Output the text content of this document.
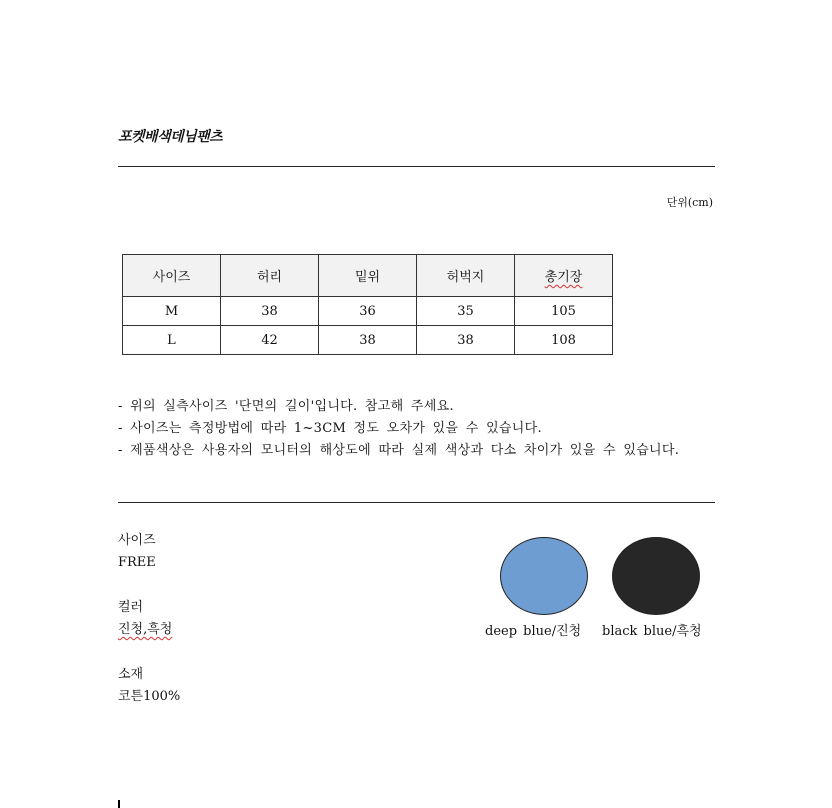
포켓배색데님팬츠
단위(cm)
사이즈	허리	밑위	허벅지	총기장
M	38	36	35	105
L	42	38	38	108
- 위의 실측사이즈 '단면의 길이'입니다. 참고해 주세요.
- 사이즈는 측정방법에 따라 1~3CM 정도 오차가 있을 수 있습니다.
- 제품색상은 사용자의 모니터의 해상도에 따라 실제 색상과 다소 차이가 있을 수 있습니다.
사이즈
FREE
컬러
진청,흑청
소재
코튼100%
deep blue/진청 black blue/흑청
